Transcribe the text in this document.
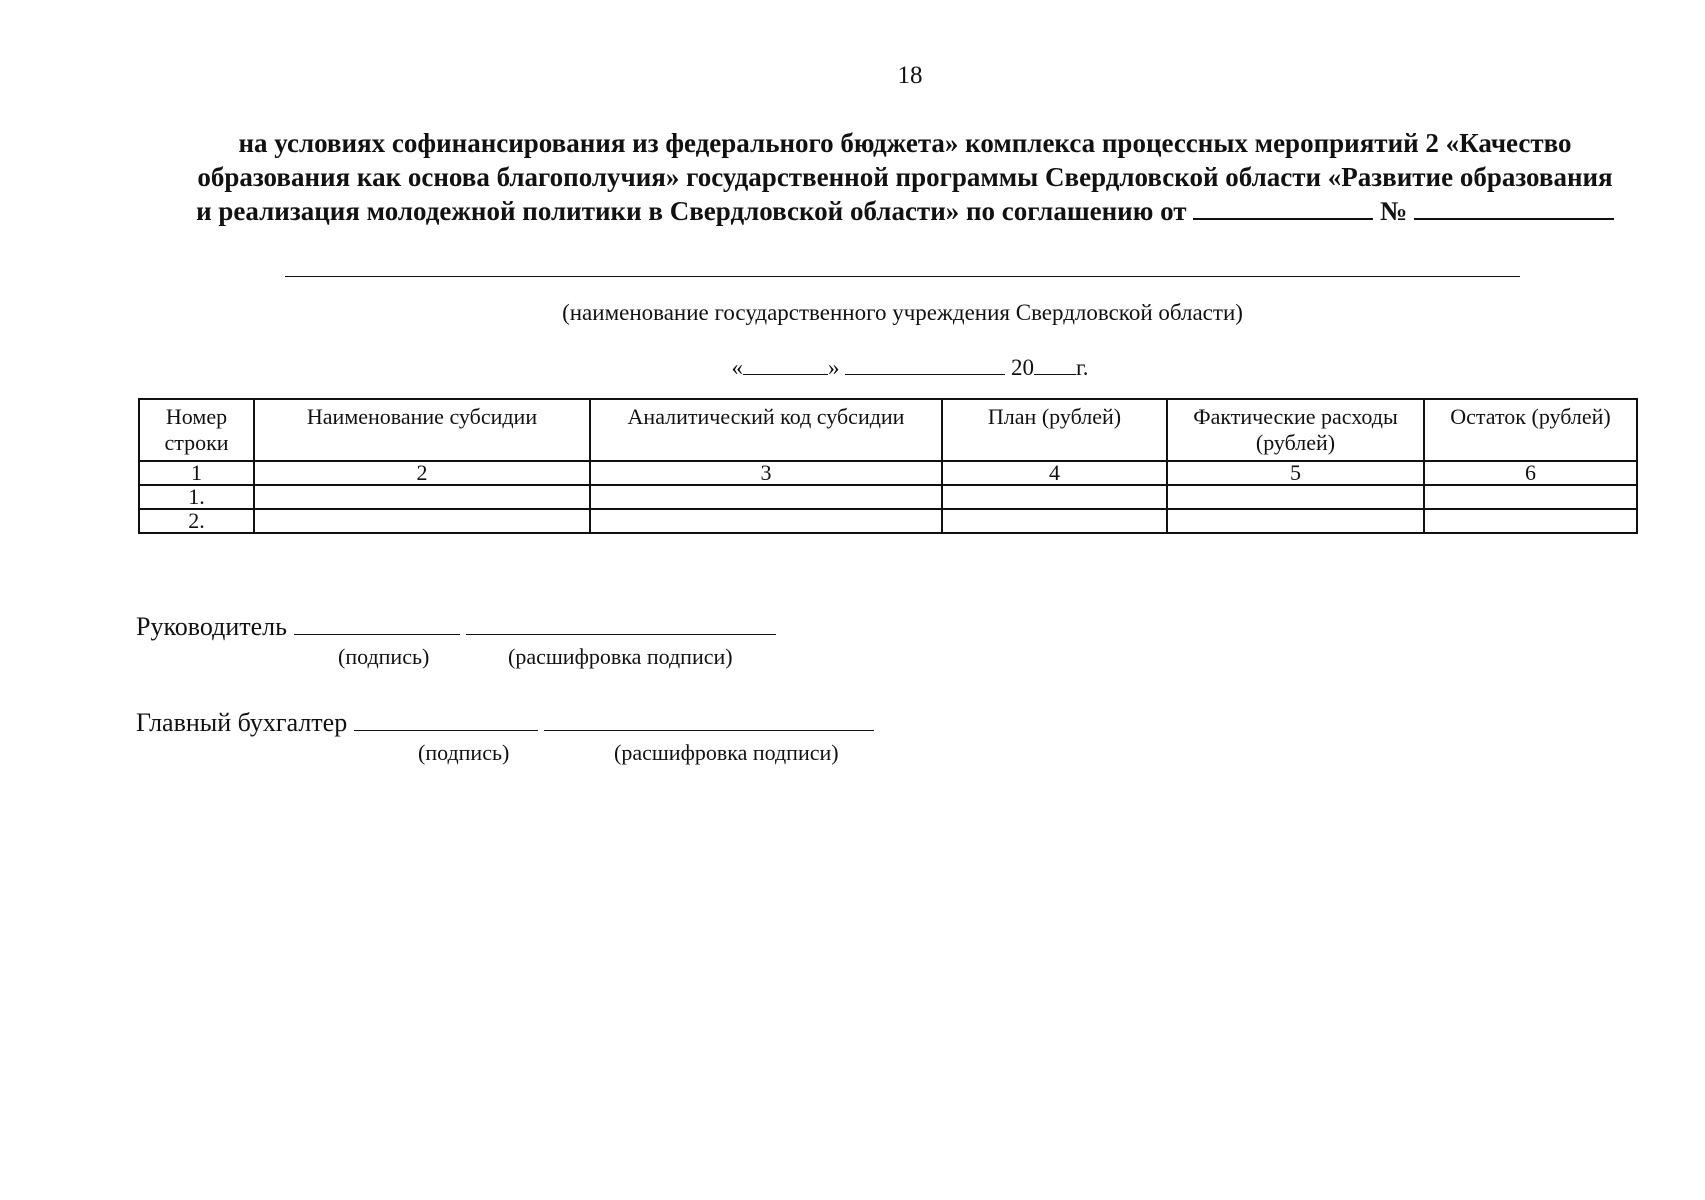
18
на условиях софинансирования из федерального бюджета» комплекса процессных мероприятий 2 «Качество
образования как основа благополучия» государственной программы Свердловской области «Развитие образования
и реализация молодежной политики в Свердловской области» по соглашению от	№
(наименование государственного учреждения Свердловской области)
«	»	20 г.
Номер строки	Наименование субсидии	Аналитический код субсидии	План (рублей)	Фактические расходы (рублей)	Остаток (рублей)
1	2	3	4	5	6
1.					
2.					
Руководитель
(подпись)	(расшифровка подписи)
Главный бухгалтер
(подпись)	(расшифровка подписи)
